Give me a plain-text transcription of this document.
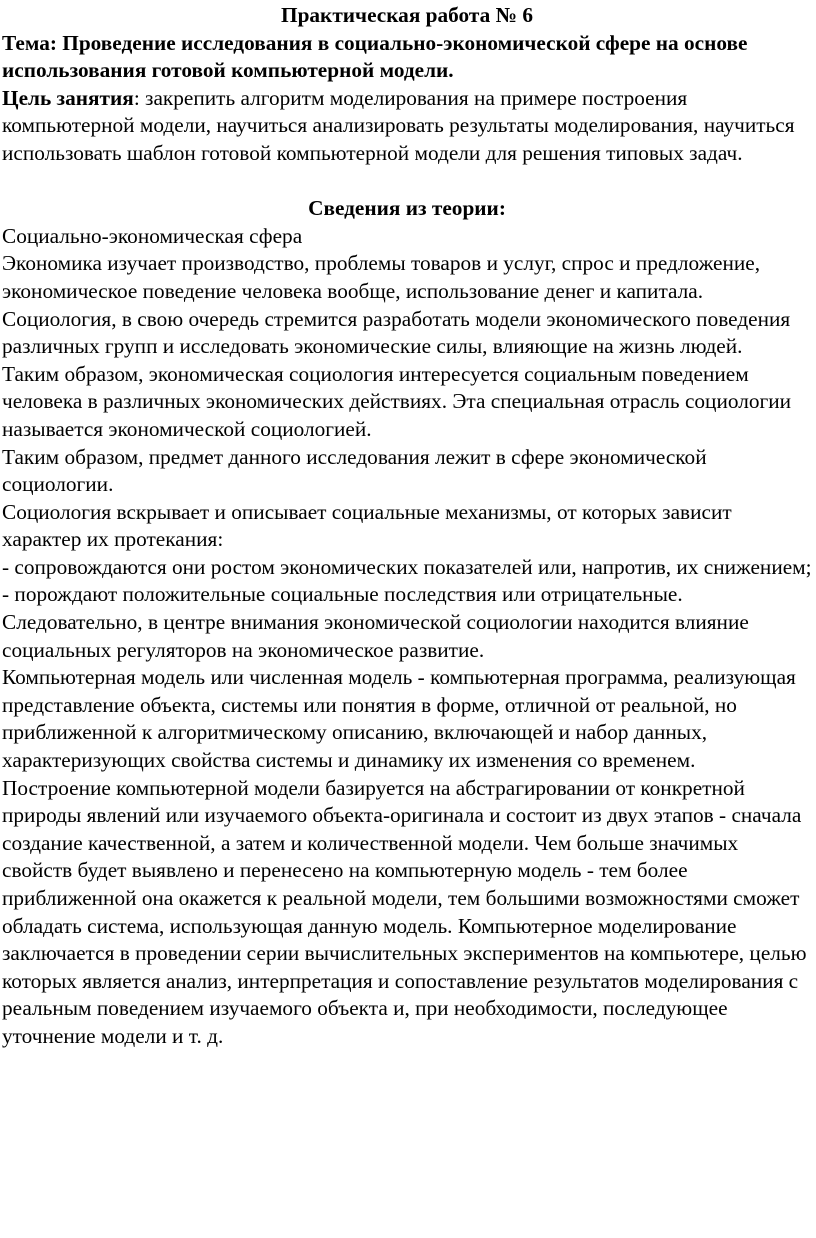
Практическая работа № 6

Тема: Проведение исследования в социально-экономической сфере на основе использования готовой компьютерной модели.

Цель занятия: закрепить алгоритм моделирования на примере построения компьютерной модели, научиться анализировать результаты моделирования, научиться использовать шаблон готовой компьютерной модели для решения типовых задач.

Сведения из теории:

Социально-экономическая сфера

Экономика изучает производство, проблемы товаров и услуг, спрос и предложение, экономическое поведение человека вообще, использование денег и капитала.

Социология, в свою очередь стремится разработать модели экономического поведения различных групп и исследовать экономические силы, влияющие на жизнь людей.

Таким образом, экономическая социология интересуется социальным поведением человека в различных экономических действиях. Эта специальная отрасль социологии называется экономической социологией.

Таким образом, предмет данного исследования лежит в сфере экономической социологии.

Социология вскрывает и описывает социальные механизмы, от которых зависит характер их протекания:

- сопровождаются они ростом экономических показателей или, напротив, их снижением;

- порождают положительные социальные последствия или отрицательные.

Следовательно, в центре внимания экономической социологии находится влияние социальных регуляторов на экономическое развитие.

Компьютерная модель или численная модель - компьютерная программа, реализующая представление объекта, системы или понятия в форме, отличной от реальной, но приближенной к алгоритмическому описанию, включающей и набор данных, характеризующих свойства системы и динамику их изменения со временем.

Построение компьютерной модели базируется на абстрагировании от конкретной природы явлений или изучаемого объекта-оригинала и состоит из двух этапов - сначала создание качественной, а затем и количественной модели. Чем больше значимых свойств будет выявлено и перенесено на компьютерную модель - тем более приближенной она окажется к реальной модели, тем большими возможностями сможет обладать система, использующая данную модель. Компьютерное моделирование заключается в проведении серии вычислительных экспериментов на компьютере, целью которых является анализ, интерпретация и сопоставление результатов моделирования с реальным поведением изучаемого объекта и, при необходимости, последующее уточнение модели и т. д.
